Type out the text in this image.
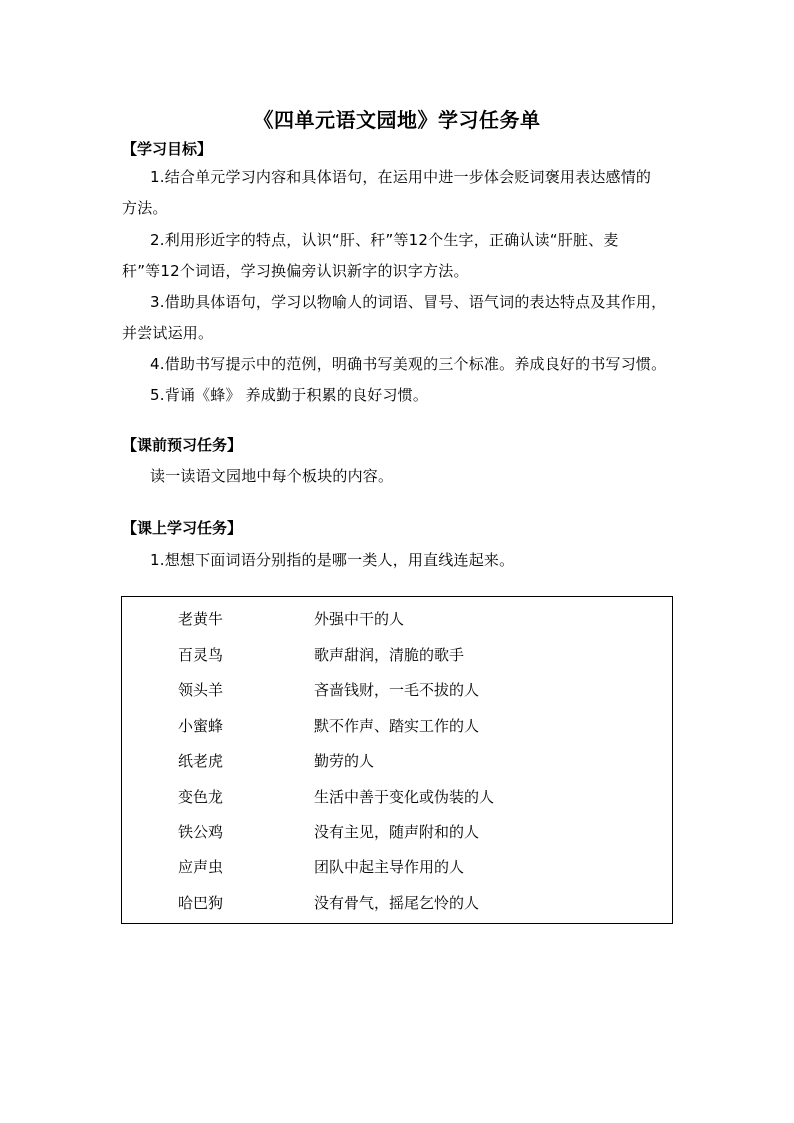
《四单元语文园地》学习任务单
【学习目标】
1.结合单元学习内容和具体语句，在运用中进一步体会贬词褒用表达感情的
方法。
2.利用形近字的特点，认识“肝、秆”等12个生字，正确认读“肝脏、麦
秆”等12个词语，学习换偏旁认识新字的识字方法。
3.借助具体语句，学习以物喻人的词语、冒号、语气词的表达特点及其作用，
并尝试运用。
4.借助书写提示中的范例，明确书写美观的三个标准。养成良好的书写习惯。
5.背诵《蜂》 养成勤于积累的良好习惯。
【课前预习任务】
读一读语文园地中每个板块的内容。
【课上学习任务】
1.想想下面词语分别指的是哪一类人，用直线连起来。
老黄牛	外强中干的人
百灵鸟	歌声甜润，清脆的歌手
领头羊	吝啬钱财，一毛不拔的人
小蜜蜂	默不作声、踏实工作的人
纸老虎	勤劳的人
变色龙	生活中善于变化或伪装的人
铁公鸡	没有主见，随声附和的人
应声虫	团队中起主导作用的人
哈巴狗	没有骨气，摇尾乞怜的人
